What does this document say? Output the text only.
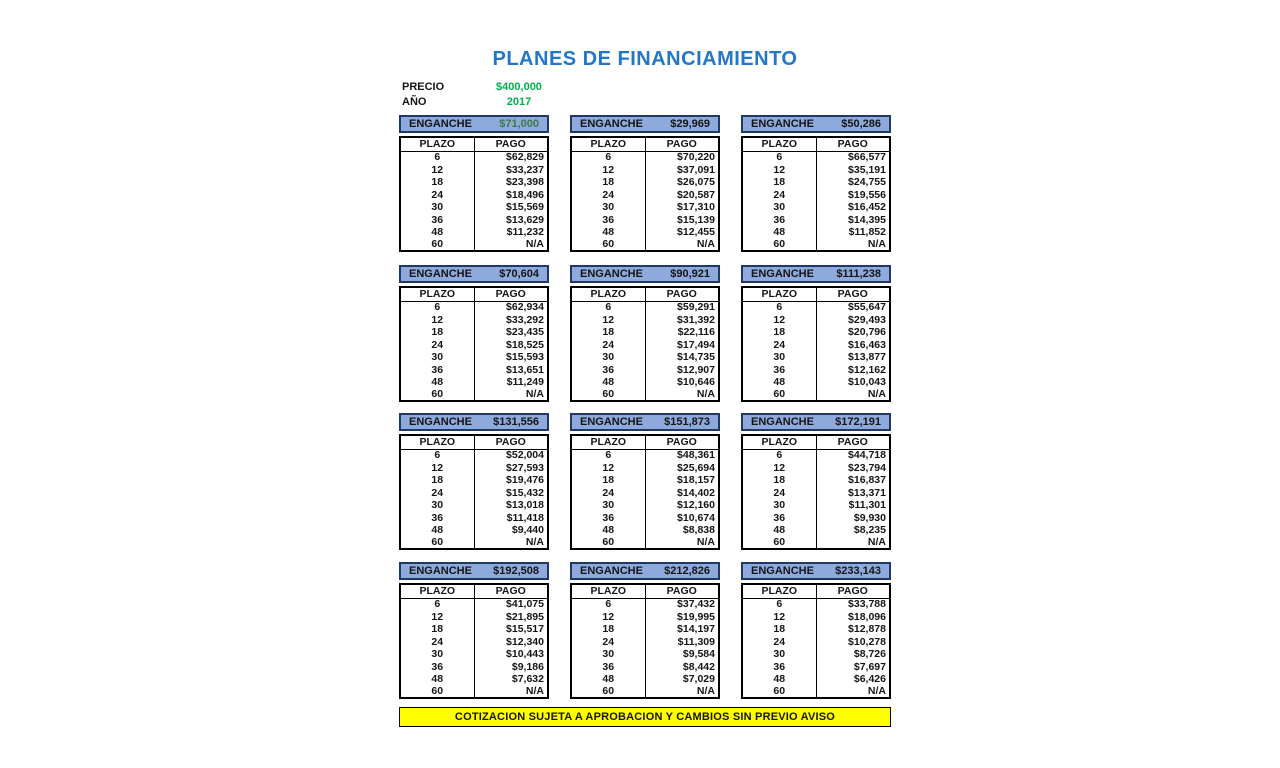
PLANES DE FINANCIAMIENTO
PRECIO	$400,000
AÑO	2017
ENGANCHE $71,000
PLAZO	PAGO
6	$62,829
12	$33,237
18	$23,398
24	$18,496
30	$15,569
36	$13,629
48	$11,232
60	N/A
ENGANCHE $29,969
PLAZO	PAGO
6	$70,220
12	$37,091
18	$26,075
24	$20,587
30	$17,310
36	$15,139
48	$12,455
60	N/A
ENGANCHE $50,286
PLAZO	PAGO
6	$66,577
12	$35,191
18	$24,755
24	$19,556
30	$16,452
36	$14,395
48	$11,852
60	N/A
ENGANCHE $70,604
PLAZO	PAGO
6	$62,934
12	$33,292
18	$23,435
24	$18,525
30	$15,593
36	$13,651
48	$11,249
60	N/A
ENGANCHE $90,921
PLAZO	PAGO
6	$59,291
12	$31,392
18	$22,116
24	$17,494
30	$14,735
36	$12,907
48	$10,646
60	N/A
ENGANCHE $111,238
PLAZO	PAGO
6	$55,647
12	$29,493
18	$20,796
24	$16,463
30	$13,877
36	$12,162
48	$10,043
60	N/A
ENGANCHE $131,556
PLAZO	PAGO
6	$52,004
12	$27,593
18	$19,476
24	$15,432
30	$13,018
36	$11,418
48	$9,440
60	N/A
ENGANCHE $151,873
PLAZO	PAGO
6	$48,361
12	$25,694
18	$18,157
24	$14,402
30	$12,160
36	$10,674
48	$8,838
60	N/A
ENGANCHE $172,191
PLAZO	PAGO
6	$44,718
12	$23,794
18	$16,837
24	$13,371
30	$11,301
36	$9,930
48	$8,235
60	N/A
ENGANCHE $192,508
PLAZO	PAGO
6	$41,075
12	$21,895
18	$15,517
24	$12,340
30	$10,443
36	$9,186
48	$7,632
60	N/A
ENGANCHE $212,826
PLAZO	PAGO
6	$37,432
12	$19,995
18	$14,197
24	$11,309
30	$9,584
36	$8,442
48	$7,029
60	N/A
ENGANCHE $233,143
PLAZO	PAGO
6	$33,788
12	$18,096
18	$12,878
24	$10,278
30	$8,726
36	$7,697
48	$6,426
60	N/A
COTIZACION SUJETA A APROBACION Y CAMBIOS SIN PREVIO AVISO
